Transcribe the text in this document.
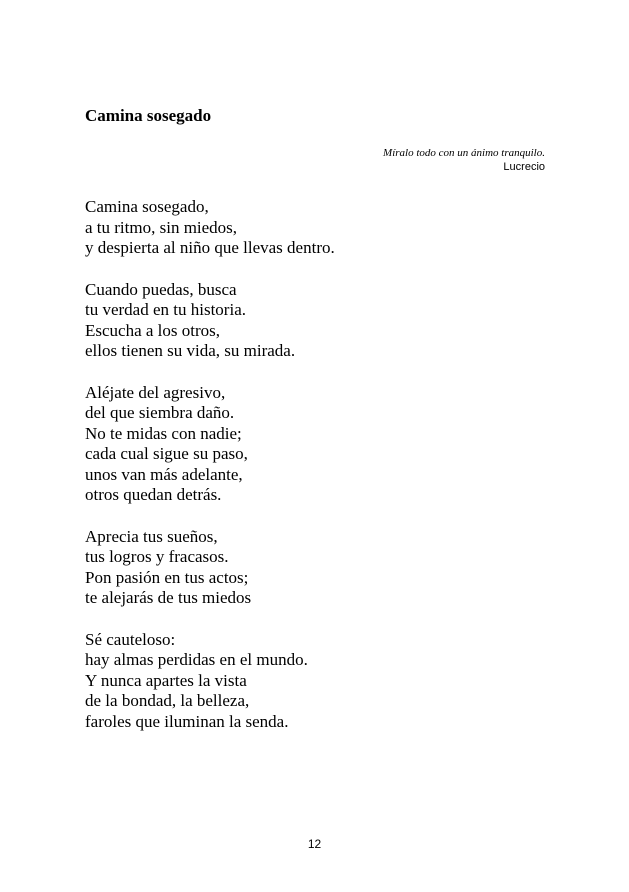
Camina sosegado
Míralo todo con un ánimo tranquilo.
Lucrecio
Camina sosegado,
a tu ritmo, sin miedos,
y despierta al niño que llevas dentro.
Cuando puedas, busca
tu verdad en tu historia.
Escucha a los otros,
ellos tienen su vida, su mirada.
Aléjate del agresivo,
del que siembra daño.
No te midas con nadie;
cada cual sigue su paso,
unos van más adelante,
otros quedan detrás.
Aprecia tus sueños,
tus logros y fracasos.
Pon pasión en tus actos;
te alejarás de tus miedos
Sé cauteloso:
hay almas perdidas en el mundo.
Y nunca apartes la vista
de la bondad, la belleza,
faroles que iluminan la senda.
12
